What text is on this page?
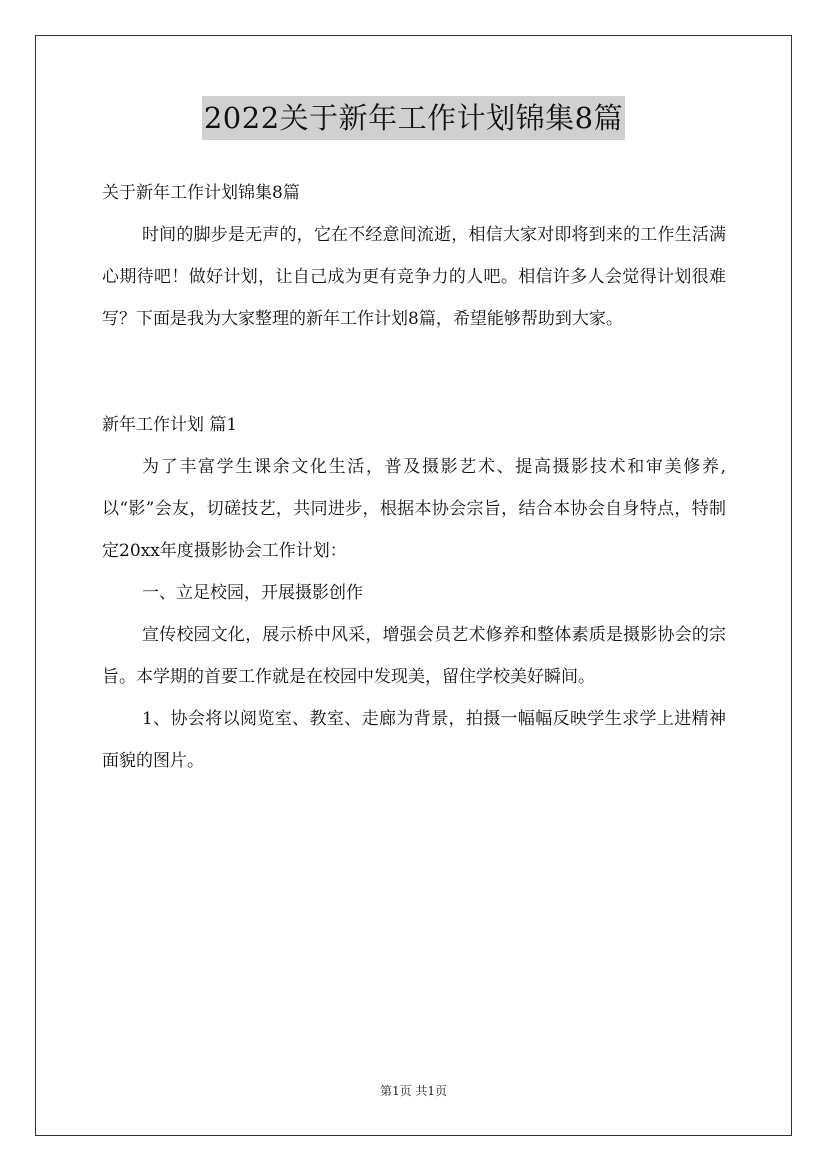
2022关于新年工作计划锦集8篇

关于新年工作计划锦集8篇

时间的脚步是无声的，它在不经意间流逝，相信大家对即将到来的工作生活满心期待吧！做好计划，让自己成为更有竞争力的人吧。相信许多人会觉得计划很难写？下面是我为大家整理的新年工作计划8篇，希望能够帮助到大家。

新年工作计划 篇1

为了丰富学生课余文化生活，普及摄影艺术、提高摄影技术和审美修养,以“影”会友，切磋技艺，共同进步，根据本协会宗旨，结合本协会自身特点，特制定20xx年度摄影协会工作计划：

一、立足校园，开展摄影创作

宣传校园文化，展示桥中风采，增强会员艺术修养和整体素质是摄影协会的宗旨。本学期的首要工作就是在校园中发现美，留住学校美好瞬间。

1、协会将以阅览室、教室、走廊为背景，拍摄一幅幅反映学生求学上进精神面貌的图片。

第1页 共1页
